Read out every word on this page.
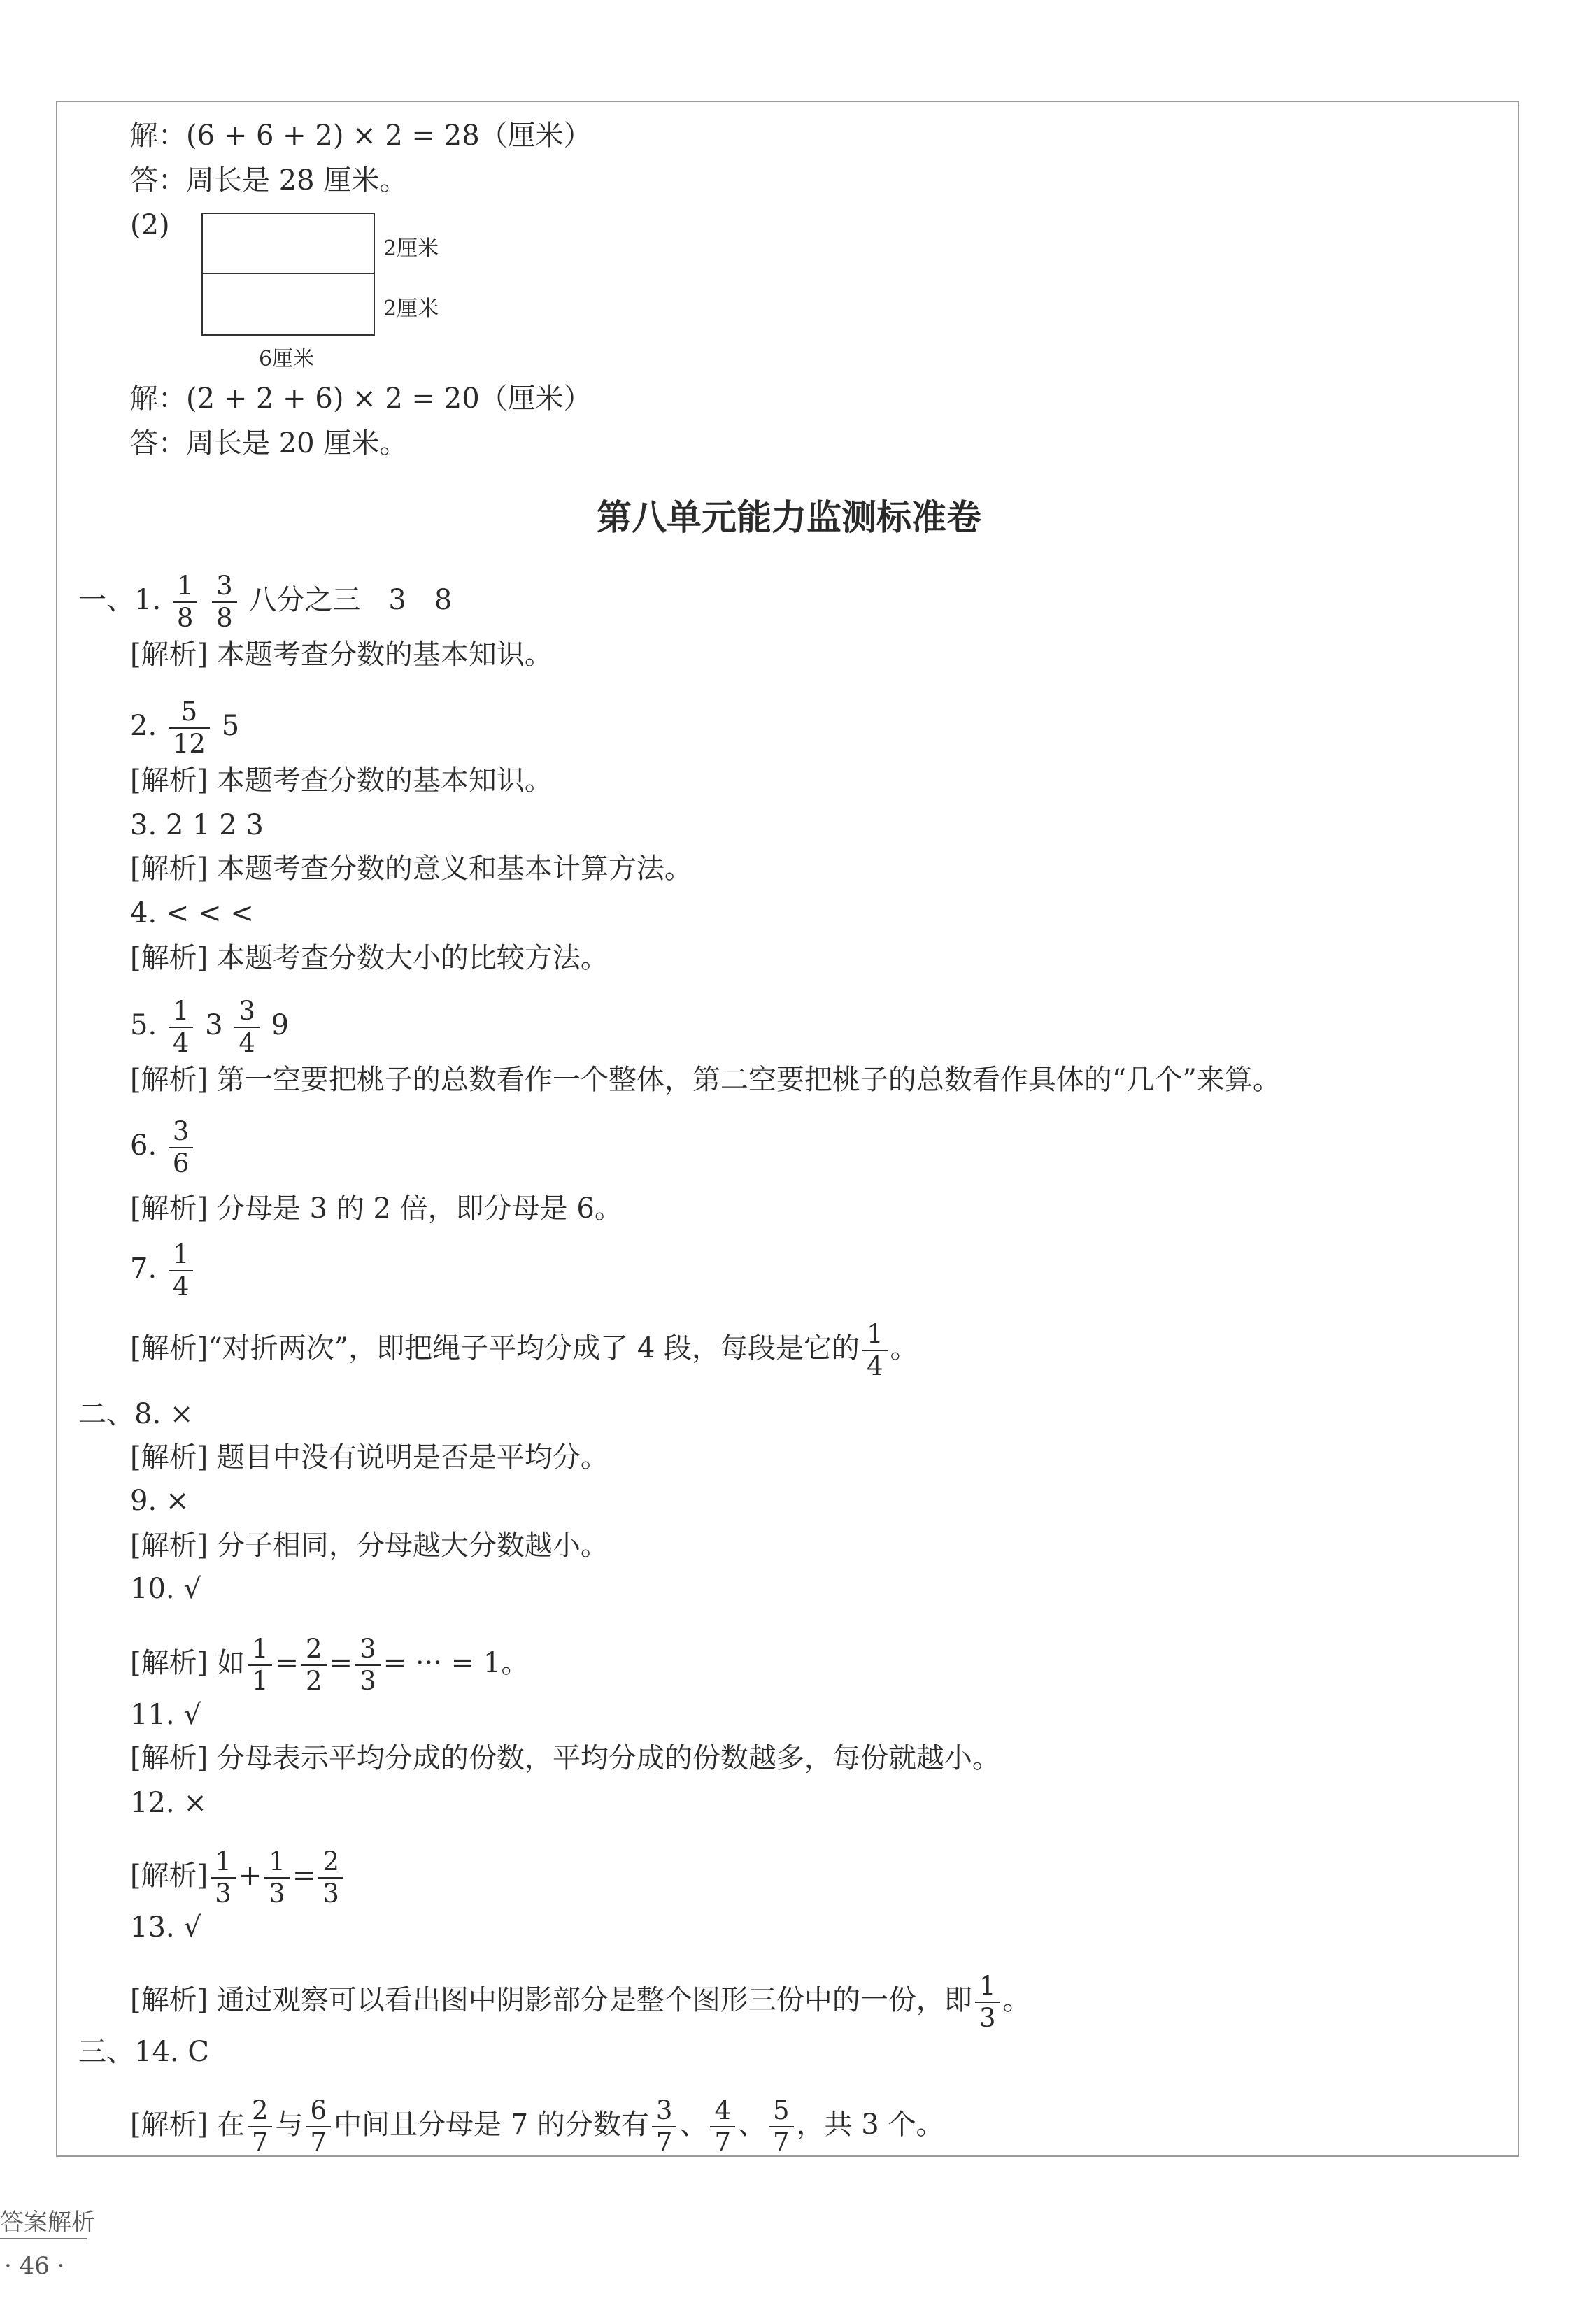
解：(6 + 6 + 2) × 2 = 28（厘米）
答：周长是 28 厘米。
(2)
2厘米
2厘米
6厘米
解：(2 + 2 + 6) × 2 = 20（厘米）
答：周长是 20 厘米。
第八单元能力监测标准卷
一、1. $\frac{1}{8}$
$\frac{3}{8}$ 八分之三　3　8
[解析] 本题考查分数的基本知识。
2. $\frac{5}{12} 5$
[解析] 本题考查分数的基本知识。
3. 2 1 2 3
[解析] 本题考查分数的意义和基本计算方法。
4. < < <
[解析] 本题考查分数大小的比较方法。
5. $\frac{1}{4} 3 \frac{3}{4} 9$
[解析] 第一空要把桃子的总数看作一个整体，第二空要把桃子的总数看作具体的“几个”来算。
6. $\frac{3}{6}$
[解析] 分母是 3 的 2 倍，即分母是 6。
7. $\frac{1}{4}$
[解析]“对折两次”，即把绳子平均分成了 4 段，每段是它的 $\frac{1}{4}$ 。
二、8. ×
[解析] 题目中没有说明是否是平均分。
9. ×
[解析] 分子相同，分母越大分数越小。
10. √
[解析] 如 $\frac{1}{1} = \frac{2}{2} = \frac{3}{3}$ = ··· = 1。
11. √
[解析] 分母表示平均分成的份数，平均分成的份数越多，每份就越小。
12. ×
[解析] $\frac{1}{3} + \frac{1}{3} = \frac{2}{3}$
13. √
[解析] 通过观察可以看出图中阴影部分是整个图形三份中的一份，即 $\frac{1}{3}$ 。
三、14. C
[解析] 在 $\frac{2}{7}$ 与 $\frac{6}{7}$ 中间且分母是 7 的分数有 $\frac{3}{7}$ 、 $\frac{4}{7}$ 、 $\frac{5}{7}$ ，共 3 个。
答案解析
· 46 ·
